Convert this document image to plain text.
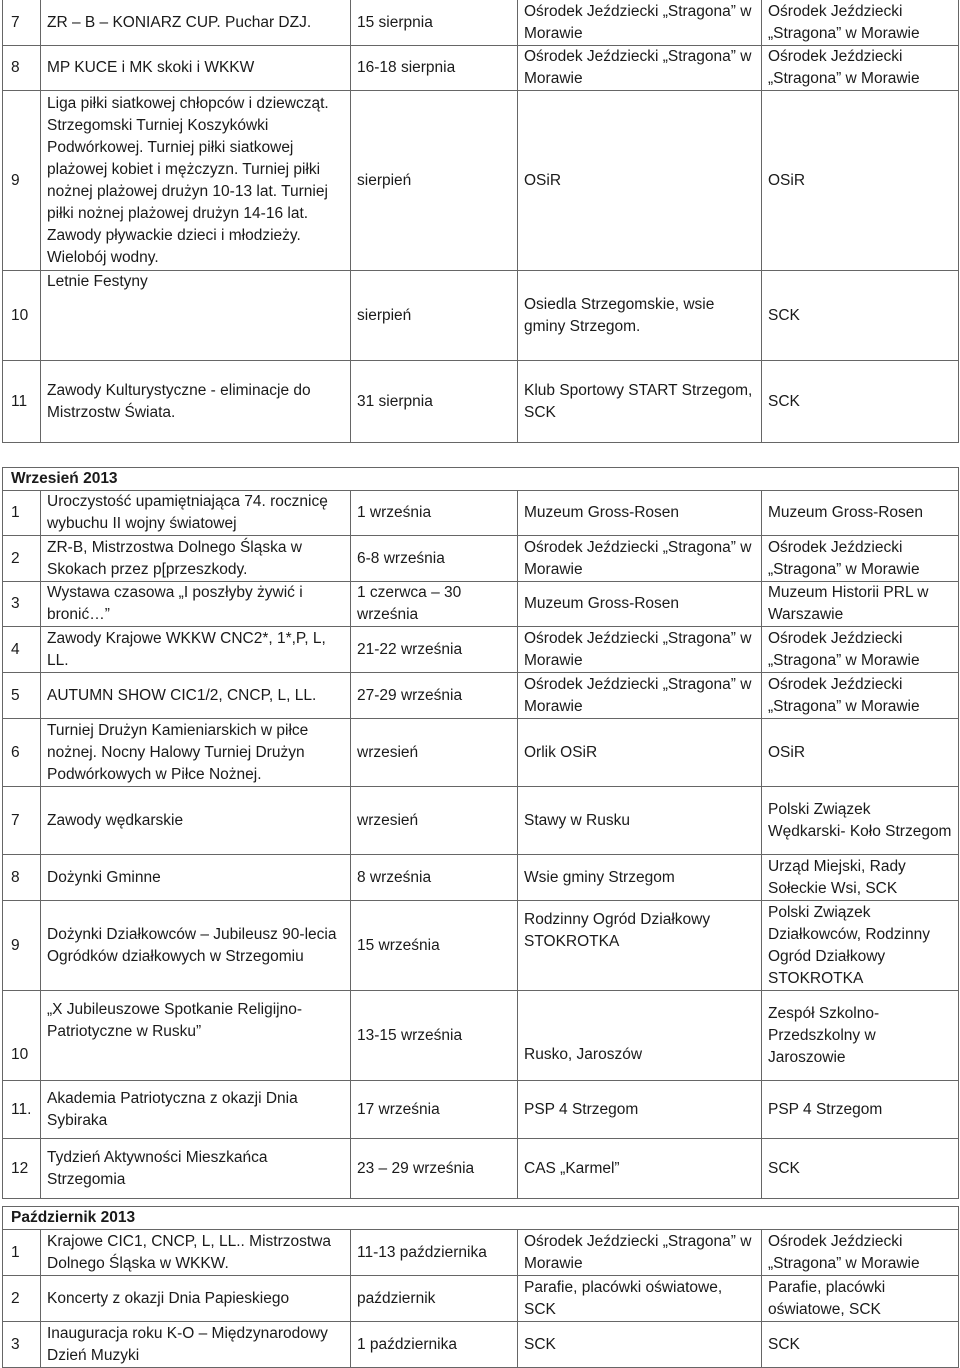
7	ZR – B – KONIARZ CUP. Puchar DZJ.	15 sierpnia	Ośrodek Jeździecki „Stragona” w Morawie	Ośrodek Jeździecki „Stragona” w Morawie
8	MP KUCE i MK skoki i WKKW	16-18 sierpnia	Ośrodek Jeździecki „Stragona” w Morawie	Ośrodek Jeździecki „Stragona” w Morawie
9	Liga piłki siatkowej chłopców i dziewcząt. Strzegomski Turniej Koszykówki Podwórkowej. Turniej piłki siatkowej plażowej kobiet i mężczyzn. Turniej piłki nożnej plażowej drużyn 10-13 lat. Turniej piłki nożnej plażowej drużyn 14-16 lat. Zawody pływackie dzieci i młodzieży. Wielobój wodny.	sierpień	OSiR	OSiR
10	Letnie Festyny	sierpień	Osiedla Strzegomskie, wsie gminy Strzegom.	SCK
11	Zawody Kulturystyczne - eliminacje do Mistrzostw Świata.	31 sierpnia	Klub Sportowy START Strzegom, SCK	SCK
Wrzesień 2013				
1	Uroczystość upamiętniająca 74. rocznicę wybuchu II wojny światowej	1 września	Muzeum Gross-Rosen	Muzeum Gross-Rosen
2	ZR-B, Mistrzostwa Dolnego Śląska w Skokach przez p[przeszkody.	6-8 września	Ośrodek Jeździecki „Stragona” w Morawie	Ośrodek Jeździecki „Stragona” w Morawie
3	Wystawa czasowa „I poszłyby żywić i bronić…”	1 czerwca – 30 września	Muzeum Gross-Rosen	Muzeum Historii PRL w Warszawie
4	Zawody Krajowe WKKW CNC2*, 1*,P, L, LL.	21-22 września	Ośrodek Jeździecki „Stragona” w Morawie	Ośrodek Jeździecki „Stragona” w Morawie
5	AUTUMN SHOW CIC1/2, CNCP, L, LL.	27-29 września	Ośrodek Jeździecki „Stragona” w Morawie	Ośrodek Jeździecki „Stragona” w Morawie
6	Turniej Drużyn Kamieniarskich w piłce nożnej. Nocny Halowy Turniej Drużyn Podwórkowych w Piłce Nożnej.	wrzesień	Orlik OSiR	OSiR
7	Zawody wędkarskie	wrzesień	Stawy w Rusku	Polski Związek Wędkarski- Koło Strzegom
8	Dożynki Gminne	8 września	Wsie gminy Strzegom	Urząd Miejski, Rady Sołeckie Wsi, SCK
9	Dożynki Działkowców – Jubileusz 90-lecia Ogródków działkowych w Strzegomiu	15 września	Rodzinny Ogród Działkowy STOKROTKA	Polski Związek Działkowców, Rodzinny Ogród Działkowy STOKROTKA
10	„X Jubileuszowe Spotkanie Religijno-Patriotyczne w Rusku”	13-15 września	Rusko, Jaroszów	Zespół Szkolno-Przedszkolny w Jaroszowie
11.	Akademia Patriotyczna z okazji Dnia Sybiraka	17 września	PSP 4 Strzegom	PSP 4 Strzegom
12	Tydzień Aktywności Mieszkańca Strzegomia	23 – 29 września	CAS „Karmel”	SCK
Październik 2013				
1	Krajowe CIC1, CNCP, L, LL.. Mistrzostwa Dolnego Śląska w WKKW.	11-13 października	Ośrodek Jeździecki „Stragona” w Morawie	Ośrodek Jeździecki „Stragona” w Morawie
2	Koncerty z okazji Dnia Papieskiego	październik	Parafie, placówki oświatowe, SCK	Parafie, placówki oświatowe, SCK
3	Inauguracja roku K-O – Międzynarodowy Dzień Muzyki	1 października	SCK	SCK
